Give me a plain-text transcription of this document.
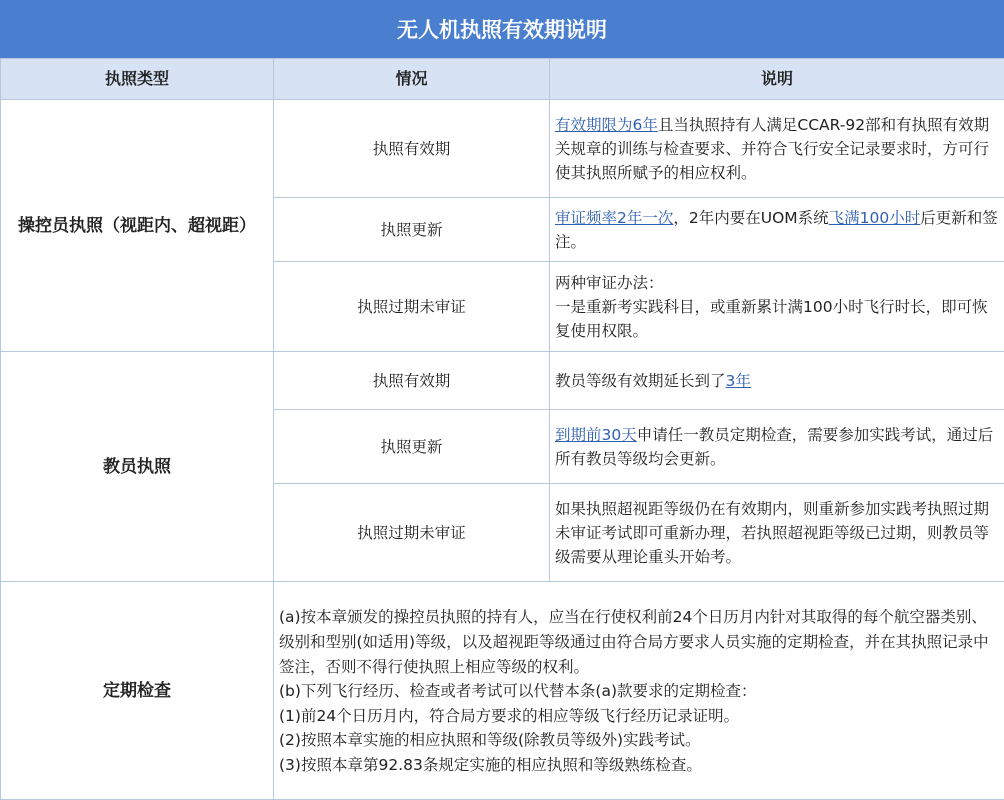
无人机执照有效期说明
执照类型	情况	说明
操控员执照（视距内、超视距）	执照有效期	有效期限为6年且当执照持有人满足CCAR-92部和有执照有效期关规章的训练与检查要求、并符合飞行安全记录要求时，方可行使其执照所赋予的相应权利。
	执照更新	审证频率2年一次，2年内要在UOM系统飞满100小时后更新和签注。
	执照过期未审证	两种审证办法：
一是重新考实践科目，或重新累计满100小时飞行时长，即可恢复使用权限。

教员执照	执照有效期	教员等级有效期延长到了3年
	执照更新	到期前30天申请任一教员定期检查，需要参加实践考试，通过后所有教员等级均会更新。
	执照过期未审证	如果执照超视距等级仍在有效期内，则重新参加实践考执照过期未审证考试即可重新办理，若执照超视距等级已过期，则教员等级需要从理论重头开始考。
定期检查	(a)按本章颁发的操控员执照的持有人，应当在行使权利前24个日历月内针对其取得的每个航空器类别、级别和型别(如适用)等级，以及超视距等级通过由符合局方要求人员实施的定期检查，并在其执照记录中签注，否则不得行使执照上相应等级的权利。
(b)下列飞行经历、检查或者考试可以代替本条(a)款要求的定期检查：
(1)前24个日历月内，符合局方要求的相应等级飞行经历记录证明。
(2)按照本章实施的相应执照和等级(除教员等级外)实践考试。
(3)按照本章第92.83条规定实施的相应执照和等级熟练检查。	
